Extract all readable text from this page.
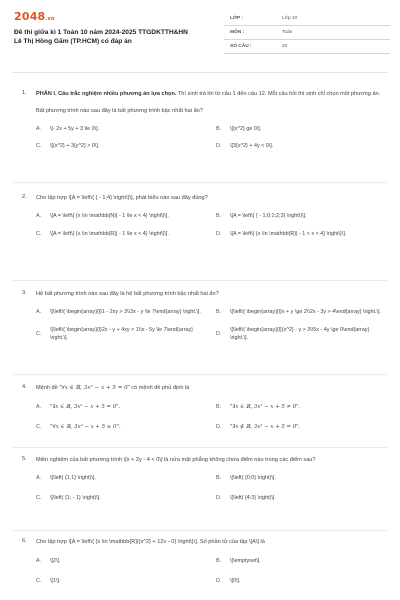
2048.vn
Đề thi giữa kì 1 Toán 10 năm 2024-2025 TTGDKTTH&HN
Lê Thị Hồng Gấm (TP.HCM) có đáp án
LỚP :	Lớp 10
MÔN :	Toán
SỐ CÂU :	20
1.	PHẦN I. Câu trắc nghiệm nhiều phương án lựa chọn. Thí sinh trả lời từ câu 1 đến câu 12. Mỗi câu hỏi thí sinh chỉ chọn một phương án.
Bất phương trình nào sau đây là bất phương trình bậc nhất hai ẩn?
A.	\[- 2x + 5y + 3 \le 0\].	B.	\[{x^2} ge 0\].
C.	\[{x^2} + 3{y^2} > 0\].	D.	\[3{x^2} + 4y < 0\].
2.	Cho tập hợp \[A = \left\{ { - 1;4} \right\}\], phát biểu nào sau đây đúng?
A.	\[A = \left\{ {x \in \mathbb{N}| - 1 \le x < 4} \right\}\].	B.	\[A = \left\{ { - 1;0;1;2;3} \right\}\].
C.	\[A = \left\{ {x \in \mathbb{R}| - 1 \le x < 4} \right\}\].	D.	\[A = \left\{ {x \in \mathbb{R}| - 1 < x < 4} \right\}\].
3.	Hệ bất phương trình nào sau đây là hệ bất phương trình bậc nhất hai ẩn?
A.	\[\left\{ \begin{array}{l}1 - 2xy > 3\\3x - y \le 7\end{array} \right.\].	B.	\[\left\{ \begin{array}{l}x + y \ge 2\\2x - 3y > 4\end{array} \right.\].
C.
\[\left\{ \begin{array}{l}2x - y + 4xy > 1\\x - 5y \le 7\end{array} \right.\].
D.
\[\left\{ \begin{array}{l}{x^2} - y > 3\\5x - 4y \ge 0\end{array} \right.\].
4.	Mệnh đề "∀x ∈ ℝ, 3x² − x + 5 = 0" có mệnh đề phủ định là
A.	"∃x ∈ ℝ, 3x² − x + 5 = 0".	B.	"∃x ∈ ℝ, 3x² − x + 5 ≠ 0".
C.	"∀x ∈ ℝ, 3x² − x + 5 ≥ 0".	D.	"∃x ∉ ℝ, 3x² − x + 5 = 0".
5.	Miền nghiệm của bất phương trình \[x + 2y - 4 < 0\] là nửa mặt phẳng không chứa điểm nào trong các điểm sau?
A.	\[\left( {1;1} \right)\].	B.	\[\left( {0;0} \right)\].
C.	\[\left( {1; - 1} \right)\].	D.	\[\left( {4;3} \right)\].
6.	Cho tập hợp \[A = \left\{ {x \in \mathbb{R}|{x^2} + 12x - 0} \right\}\]. Số phần tử của tập \[A\] là
A.	\[2\].	B.	\[\emptyset\].
C.	\[1\].	D.	\[0\].
